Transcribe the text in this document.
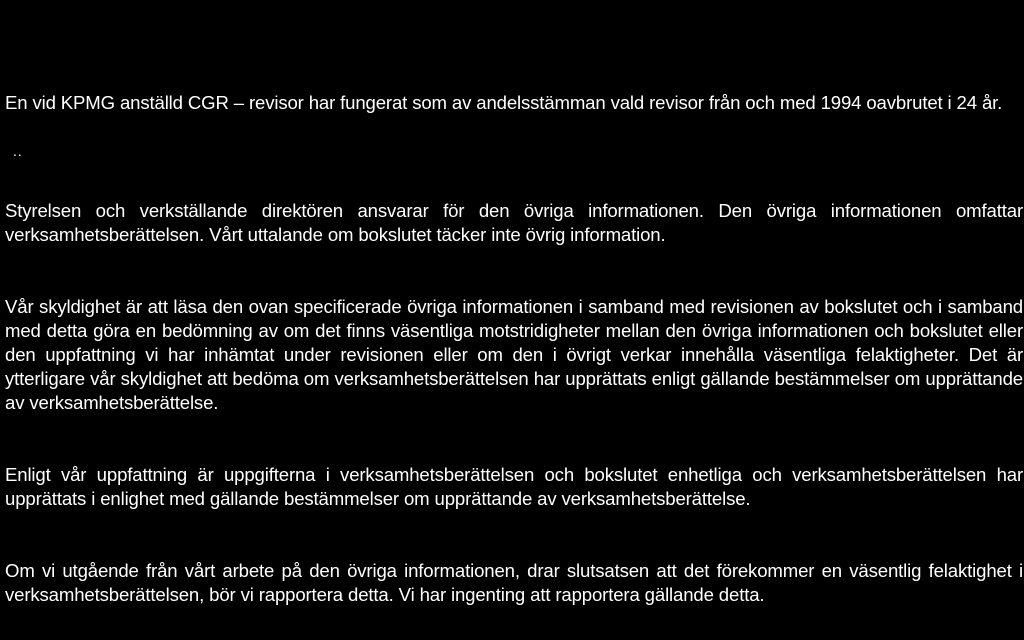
En vid KPMG anställd CGR – revisor har fungerat som av andelsstämman vald revisor från och med 1994 oavbrutet i 24 år.

..

Styrelsen och verkställande direktören ansvarar för den övriga informationen. Den övriga informationen omfattar verksamhetsberättelsen. Vårt uttalande om bokslutet täcker inte övrig information.

Vår skyldighet är att läsa den ovan specificerade övriga informationen i samband med revisionen av bokslutet och i samband med detta göra en bedömning av om det finns väsentliga motstridigheter mellan den övriga informationen och bokslutet eller den uppfattning vi har inhämtat under revisionen eller om den i övrigt verkar innehålla väsentliga felaktigheter. Det är ytterligare vår skyldighet att bedöma om verksamhetsberättelsen har upprättats enligt gällande bestämmelser om upprättande av verksamhetsberättelse.

Enligt vår uppfattning är uppgifterna i verksamhetsberättelsen och bokslutet enhetliga och verksamhetsberättelsen har upprättats i enlighet med gällande bestämmelser om upprättande av verksamhetsberättelse.

Om vi utgående från vårt arbete på den övriga informationen, drar slutsatsen att det förekommer en väsentlig felaktighet i verksamhetsberättelsen, bör vi rapportera detta. Vi har ingenting att rapportera gällande detta.
